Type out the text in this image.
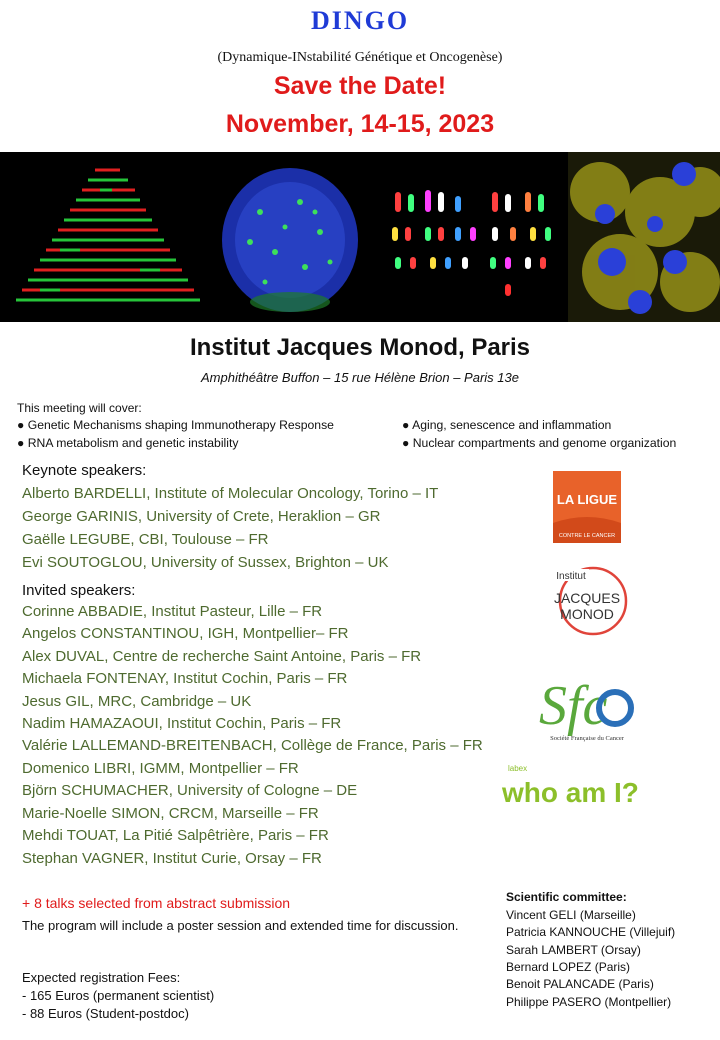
DINGO
(Dynamique-INstabilité Génétique et Oncogenèse)
Save the Date!
November, 14-15, 2023
Institut Jacques Monod, Paris
Amphithéâtre Buffon – 15 rue Hélène Brion – Paris 13e
This meeting will cover:
● Genetic Mechanisms shaping Immunotherapy Response
● RNA metabolism and genetic instability
● Aging, senescence and inflammation
● Nuclear compartments and genome organization
Keynote speakers:
Alberto BARDELLI, Institute of Molecular Oncology, Torino – IT
George GARINIS, University of Crete, Heraklion – GR
Gaëlle LEGUBE, CBI, Toulouse – FR
Evi SOUTOGLOU, University of Sussex, Brighton – UK
Invited speakers:
Corinne ABBADIE, Institut Pasteur, Lille – FR
Angelos CONSTANTINOU, IGH, Montpellier– FR
Alex DUVAL, Centre de recherche Saint Antoine, Paris – FR
Michaela FONTENAY, Institut Cochin, Paris – FR
Jesus GIL, MRC, Cambridge – UK
Nadim HAMAZAOUI, Institut Cochin, Paris – FR
Valérie LALLEMAND-BREITENBACH, Collège de France, Paris – FR
Domenico LIBRI, IGMM, Montpellier – FR
Björn SCHUMACHER, University of Cologne – DE
Marie-Noelle SIMON, CRCM, Marseille – FR
Mehdi TOUAT, La Pitié Salpêtrière, Paris – FR
Stephan VAGNER, Institut Curie, Orsay – FR
+ 8 talks selected from abstract submission
The program will include a poster session and extended time for discussion.
Expected registration Fees:
- 165 Euros (permanent scientist)
- 88 Euros (Student-postdoc)
Scientific committee:
Vincent GELI (Marseille)
Patricia KANNOUCHE (Villejuif)
Sarah LAMBERT (Orsay)
Bernard LOPEZ (Paris)
Benoit PALANCADE (Paris)
Philippe PASERO (Montpellier)
LA LIGUE
CONTRE LE CANCER
Institut
JACQUES
MONOD
Sfc
Société Française du Cancer
labex
who am I?
